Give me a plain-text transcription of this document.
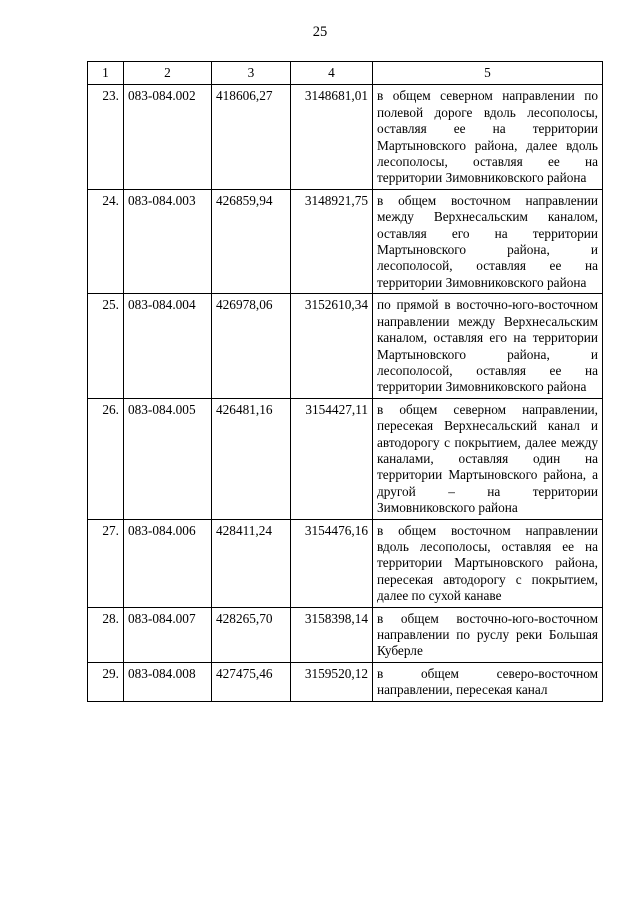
25
1	2	3	4	5
23.	083-084.002	418606,27	3148681,01	в общем северном направлении по полевой дороге вдоль лесополосы, оставляя ее на территории Мартыновского района, далее вдоль лесополосы, оставляя ее на территории Зимовниковского района
24.	083-084.003	426859,94	3148921,75	в общем восточном направлении между Верхнесальским каналом, оставляя его на территории Мартыновского района, и лесополосой, оставляя ее на территории Зимовниковского района
25.	083-084.004	426978,06	3152610,34	по прямой в восточно-юго-восточном направлении между Верхнесальским каналом, оставляя его на территории Мартыновского района, и лесополосой, оставляя ее на территории Зимовниковского района
26.	083-084.005	426481,16	3154427,11	в общем северном направлении, пересекая Верхнесальский канал и автодорогу с покрытием, далее между каналами, оставляя один на территории Мартыновского района, а другой – на территории Зимовниковского района
27.	083-084.006	428411,24	3154476,16	в общем восточном направлении вдоль лесополосы, оставляя ее на территории Мартыновского района, пересекая автодорогу с покрытием, далее по сухой канаве
28.	083-084.007	428265,70	3158398,14	в общем восточно-юго-восточном направлении по руслу реки Большая Куберле
29.	083-084.008	427475,46	3159520,12	в общем северо-восточном направлении, пересекая канал
